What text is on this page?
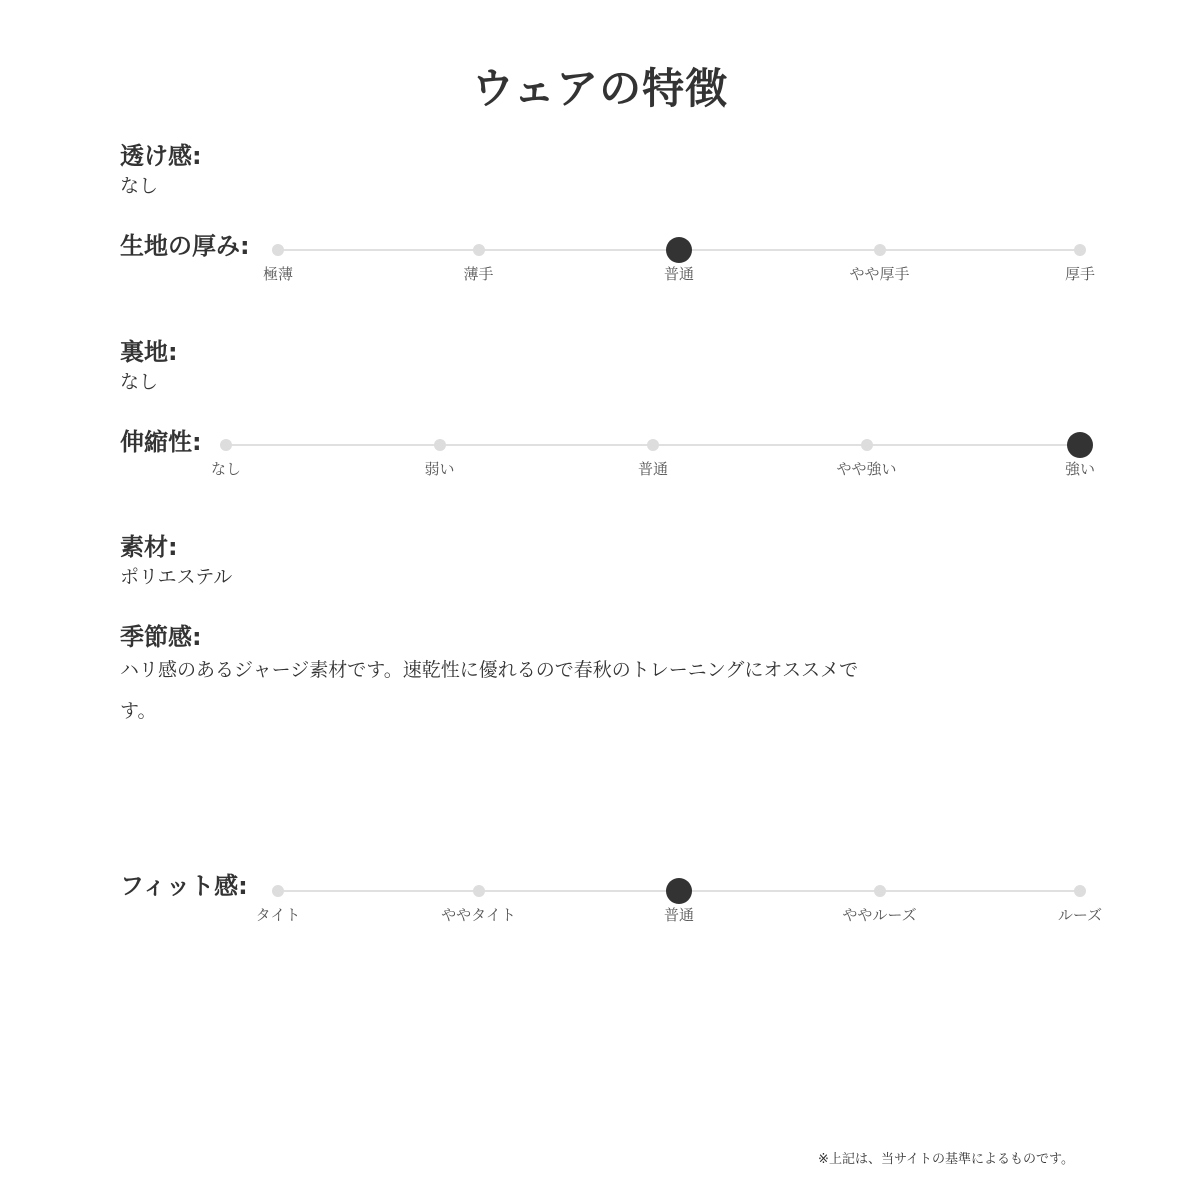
ウェアの特徴
透け感:
なし
生地の厚み:
極薄	薄手	普通	やや厚手	厚手
裏地:
なし
伸縮性:
なし	弱い	普通	やや強い	強い
素材:
ポリエステル
季節感:
ハリ感のあるジャージ素材です。速乾性に優れるので春秋のトレーニングにオススメです。
フィット感:
タイト	ややタイト	普通	ややルーズ	ルーズ
※上記は、当サイトの基準によるものです。
